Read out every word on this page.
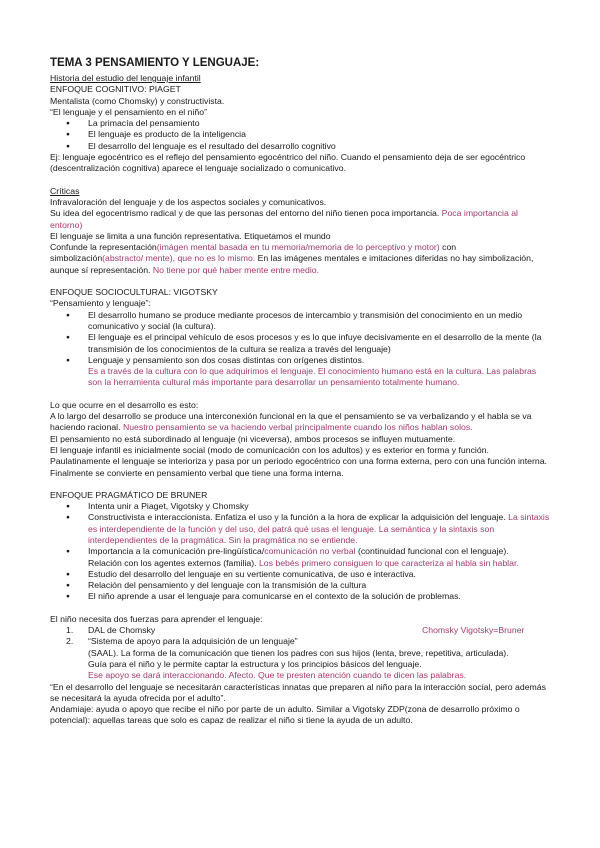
TEMA 3 PENSAMIENTO Y LENGUAJE:

Historia del estudio del lenguaje infantil

ENFOQUE COGNITIVO: PIAGET

Mentalista (como Chomsky) y constructivista.

“El lenguaje y el pensamiento en el niño”

● La primacía del pensamiento
● El lenguaje es producto de la inteligencia
● El desarrollo del lenguaje es el resultado del desarrollo cognitivo

Ej: lenguaje egocéntrico es el reflejo del pensamiento egocéntrico del niño. Cuando el pensamiento deja de ser egocéntrico (descentralización cognitiva) aparece el lenguaje socializado o comunicativo.

Críticas

Infravaloración del lenguaje y de los aspectos sociales y comunicativos.

Su idea del egocentrismo radical y de que las personas del entorno del niño tienen poca importancia. Poca importancia al entorno)

El lenguaje se limita a una función representativa. Etiquetamos el mundo

Confunde la representación(imágen mental basada en tu memoria/memoria de lo perceptivo y motor) con simbolización(abstracto/ mente), que no es lo mismo. En las imágenes mentales e imitaciones diferidas no hay simbolización, aunque sí representación. No tiene por qué haber mente entre medio.

ENFOQUE SOCIOCULTURAL: VIGOTSKY

“Pensamiento y lenguaje”:

● El desarrollo humano se produce mediante procesos de intercambio y transmisión del conocimiento en un medio comunicativo y social (la cultura).
● El lenguaje es el principal vehículo de esos procesos y es lo que infuye decisivamente en el desarrollo de la mente (la transmisión de los conocimientos de la cultura se realiza a través del lenguaje)
● Lenguaje y pensamiento son dos cosas distintas con orígenes distintos.

Es a través de la cultura con lo que adquirimos el lenguaje. El conocimiento humano está en la cultura. Las palabras son la herramienta cultural más importante para desarrollar un pensamiento totalmente humano.

Lo que ocurre en el desarrollo es esto:

A lo largo del desarrollo se produce una interconexión funcional en la que el pensamiento se va verbalizando y el habla se va haciendo racional. Nuestro pensamiento se va haciendo verbal principalmente cuando los niños hablan solos.

El pensamiento no está subordinado al lenguaje (ni viceversa), ambos procesos se influyen mutuamente.

El lenguaje infantil es inicialmente social (modo de comunicación con los adultos) y es exterior en forma y función.

Paulatinamente el lenguaje se interioriza y pasa por un periodo egocéntrico con una forma externa, pero con una función interna.

Finalmente se convierte en pensamiento verbal que tiene una forma interna.

ENFOQUE PRAGMÁTICO DE BRUNER

● Intenta unir a Piaget, Vigotsky y Chomsky
● Constructivista e interaccionista. Enfatiza el uso y la función a la hora de explicar la adquisición del lenguaje. La sintaxis es interdependiente de la función y del uso, del patrá qué usas el lenguaje. La semántica y la sintaxis son interdependientes de la pragmática. Sin la pragmática no se entiende.
● Importancia a la comunicación pre-lingüística/comunicación no verbal (continuidad funcional con el lenguaje).
Relación con los agentes externos (familia). Los bebés primero consiguen lo que caracteriza al habla sin hablar.
● Estudio del desarrollo del lenguaje en su vertiente comunicativa, de uso e interactiva.
● Relación del pensamiento y del lenguaje con la transmisión de la cultura
● El niño aprende a usar el lenguaje para comunicarse en el contexto de la solución de problemas.

El niño necesita dos fuerzas para aprender el lenguaje:

1. DAL de Chomsky	Chomsky Vigotsky=Bruner
2. “Sistema de apoyo para la adquisición de un lenguaje”

(SAAL). La forma de la comunicación que tienen los padres con sus hijos (lenta, breve, repetitiva, articulada).

Guía para el niño y le permite captar la estructura y los principios básicos del lenguaje.

Ese apoyo se dará interaccionando. Afecto. Que te presten atención cuando te dicen las palabras.

“En el desarrollo del lenguaje se necesitarán características innatas que preparen al niño para la interacción social, pero además se necesitará la ayuda ofrecida por el adulto”.

Andamiaje: ayuda o apoyo que recibe el niño por parte de un adulto. Similar a Vigotsky ZDP(zona de desarrollo próximo o potencial): aquellas tareas que solo es capaz de realizar el niño si tiene la ayuda de un adulto.
